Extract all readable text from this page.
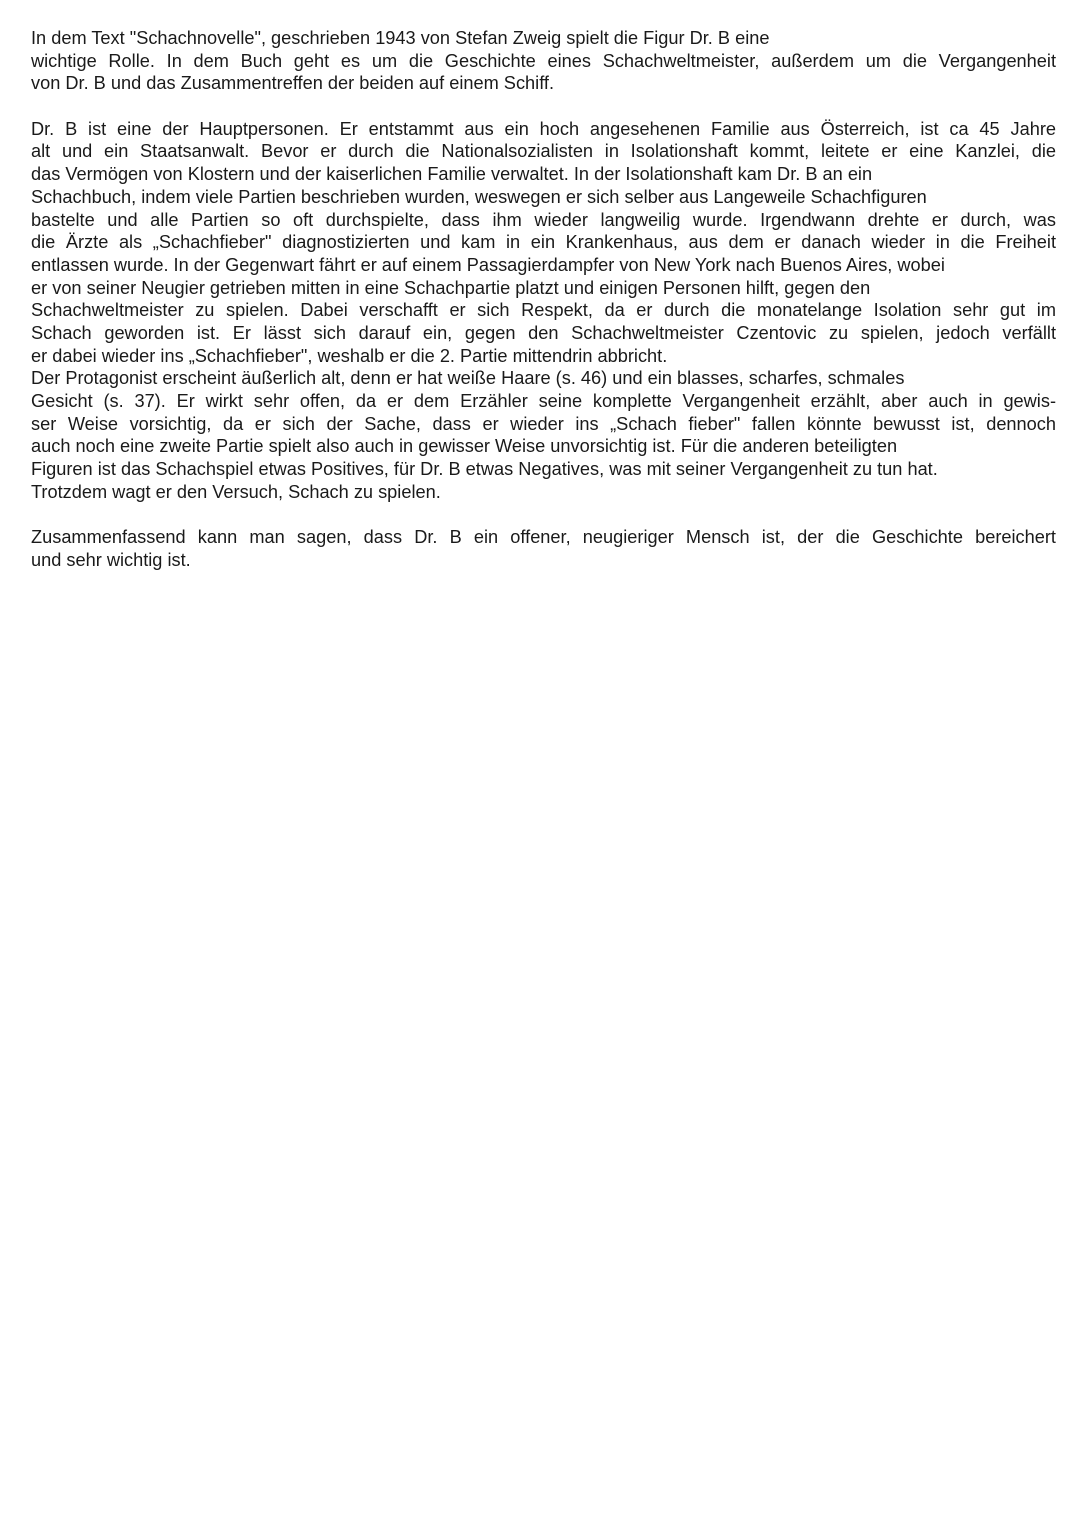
In dem Text "Schachnovelle", geschrieben 1943 von Stefan Zweig spielt die Figur Dr. B eine
wichtige Rolle. In dem Buch geht es um die Geschichte eines Schachweltmeister, außerdem um die Vergangenheit
von Dr. B und das Zusammentreffen der beiden auf einem Schiff.
Dr. B ist eine der Hauptpersonen. Er entstammt aus ein hoch angesehenen Familie aus Österreich, ist ca 45 Jahre
alt und ein Staatsanwalt. Bevor er durch die Nationalsozialisten in Isolationshaft kommt, leitete er eine Kanzlei, die
das Vermögen von Klostern und der kaiserlichen Familie verwaltet. In der Isolationshaft kam Dr. B an ein
Schachbuch, indem viele Partien beschrieben wurden, weswegen er sich selber aus Langeweile Schachfiguren
bastelte und alle Partien so oft durchspielte, dass ihm wieder langweilig wurde. Irgendwann drehte er durch, was
die Ärzte als „Schachfieber" diagnostizierten und kam in ein Krankenhaus, aus dem er danach wieder in die Freiheit
entlassen wurde. In der Gegenwart fährt er auf einem Passagierdampfer von New York nach Buenos Aires, wobei
er von seiner Neugier getrieben mitten in eine Schachpartie platzt und einigen Personen hilft, gegen den
Schachweltmeister zu spielen. Dabei verschafft er sich Respekt, da er durch die monatelange Isolation sehr gut im
Schach geworden ist. Er lässt sich darauf ein, gegen den Schachweltmeister Czentovic zu spielen, jedoch verfällt
er dabei wieder ins „Schachfieber", weshalb er die 2. Partie mittendrin abbricht.
Der Protagonist erscheint äußerlich alt, denn er hat weiße Haare (s. 46) und ein blasses, scharfes, schmales
Gesicht (s. 37). Er wirkt sehr offen, da er dem Erzähler seine komplette Vergangenheit erzählt, aber auch in gewis-
ser Weise vorsichtig, da er sich der Sache, dass er wieder ins „Schach fieber" fallen könnte bewusst ist, dennoch
auch noch eine zweite Partie spielt also auch in gewisser Weise unvorsichtig ist. Für die anderen beteiligten
Figuren ist das Schachspiel etwas Positives, für Dr. B etwas Negatives, was mit seiner Vergangenheit zu tun hat.
Trotzdem wagt er den Versuch, Schach zu spielen.
Zusammenfassend kann man sagen, dass Dr. B ein offener, neugieriger Mensch ist, der die Geschichte bereichert
und sehr wichtig ist.
